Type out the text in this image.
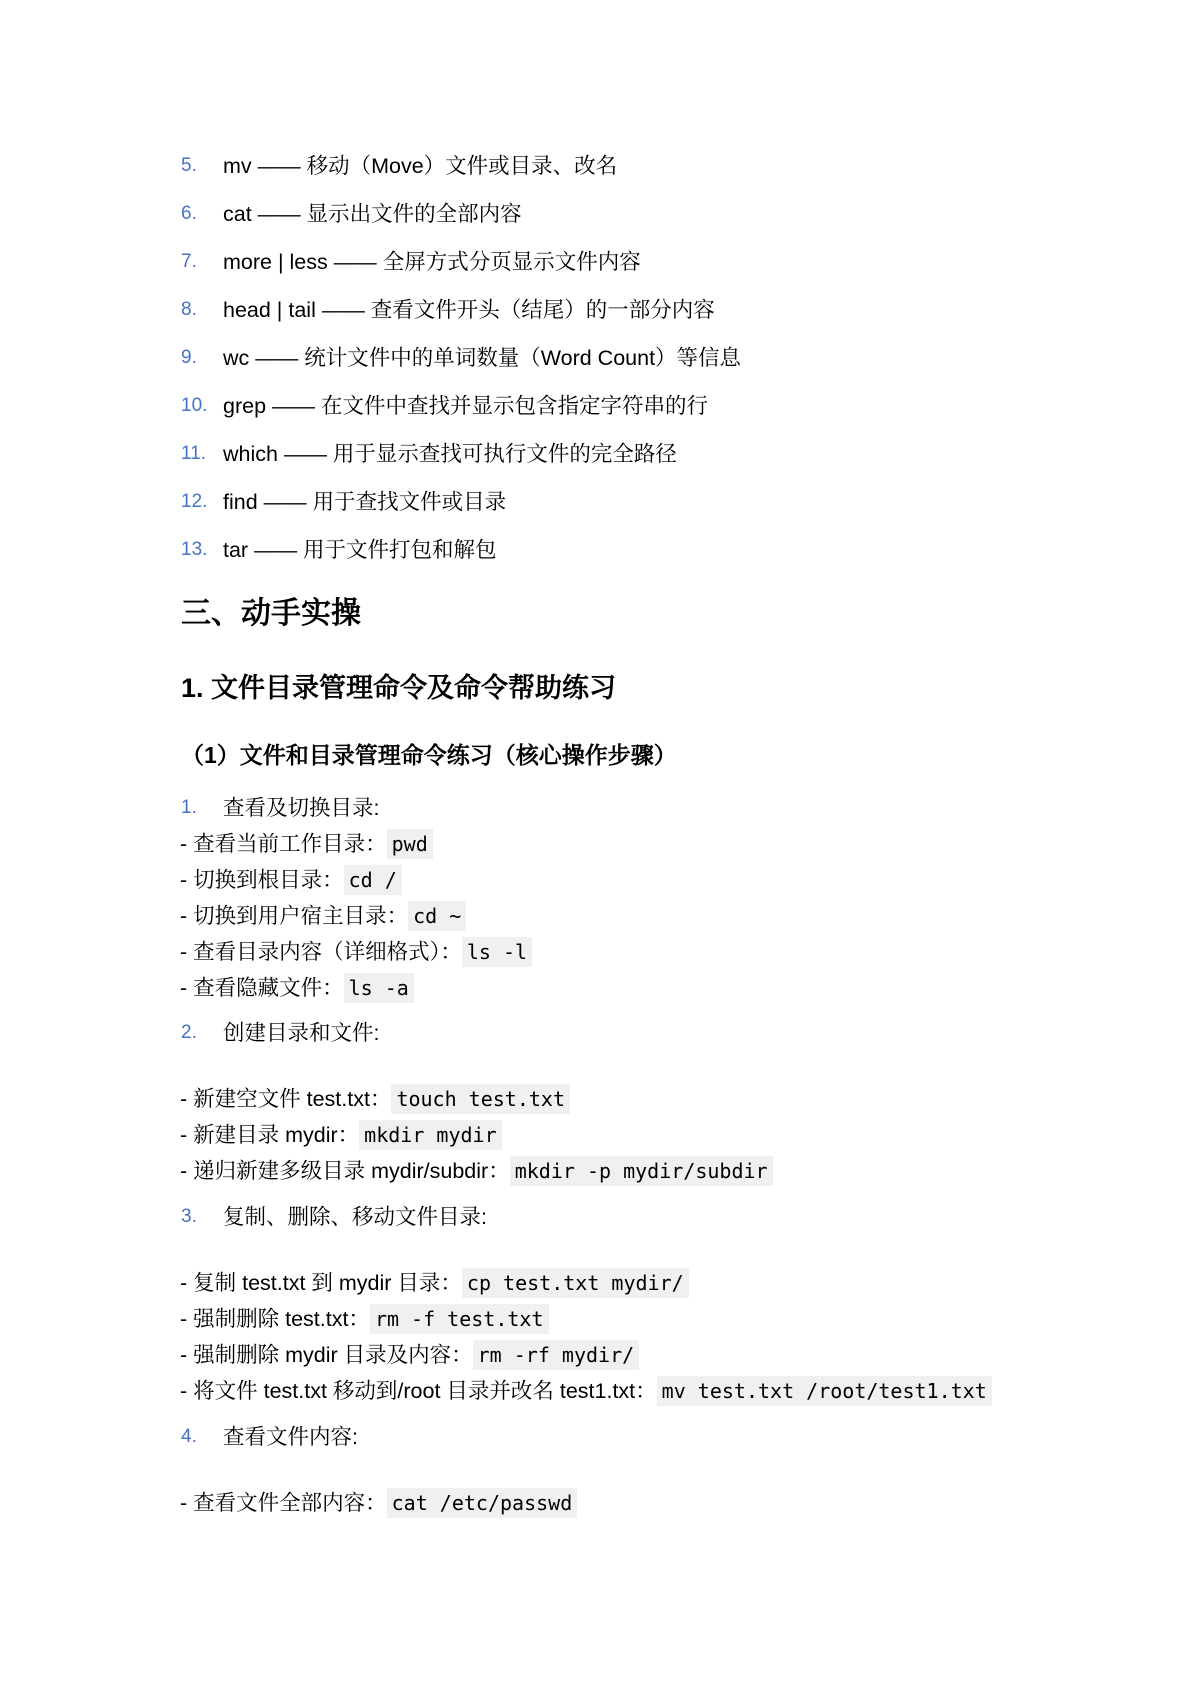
5.	mv —— 移动（Move）文件或目录、改名
6.	cat —— 显示出文件的全部内容
7.	more | less —— 全屏方式分页显示文件内容
8.	head | tail —— 查看文件开头（结尾）的一部分内容
9.	wc —— 统计文件中的单词数量（Word Count）等信息
10. grep —— 在文件中查找并显示包含指定字符串的行
11. which —— 用于显示查找可执行文件的完全路径
12. find —— 用于查找文件或目录
13. tar —— 用于文件打包和解包
三、动手实操
1. 文件目录管理命令及命令帮助练习
（1）文件和目录管理命令练习（核心操作步骤）
1.	查看及切换目录:
- 查看当前工作目录： pwd
- 切换到根目录： cd /
- 切换到用户宿主目录： cd ~
- 查看目录内容（详细格式）： ls -l
- 查看隐藏文件： ls -a
2.	创建目录和文件:
- 新建空文件 test.txt： touch test.txt
- 新建目录 mydir： mkdir mydir
- 递归新建多级目录 mydir/subdir： mkdir -p mydir/subdir
3.	复制、删除、移动文件目录:
- 复制 test.txt 到 mydir 目录： cp test.txt mydir/
- 强制删除 test.txt： rm -f test.txt
- 强制删除 mydir 目录及内容： rm -rf mydir/
- 将文件 test.txt 移动到/root 目录并改名 test1.txt： mv test.txt /root/test1.txt
4.	查看文件内容:
- 查看文件全部内容： cat /etc/passwd
